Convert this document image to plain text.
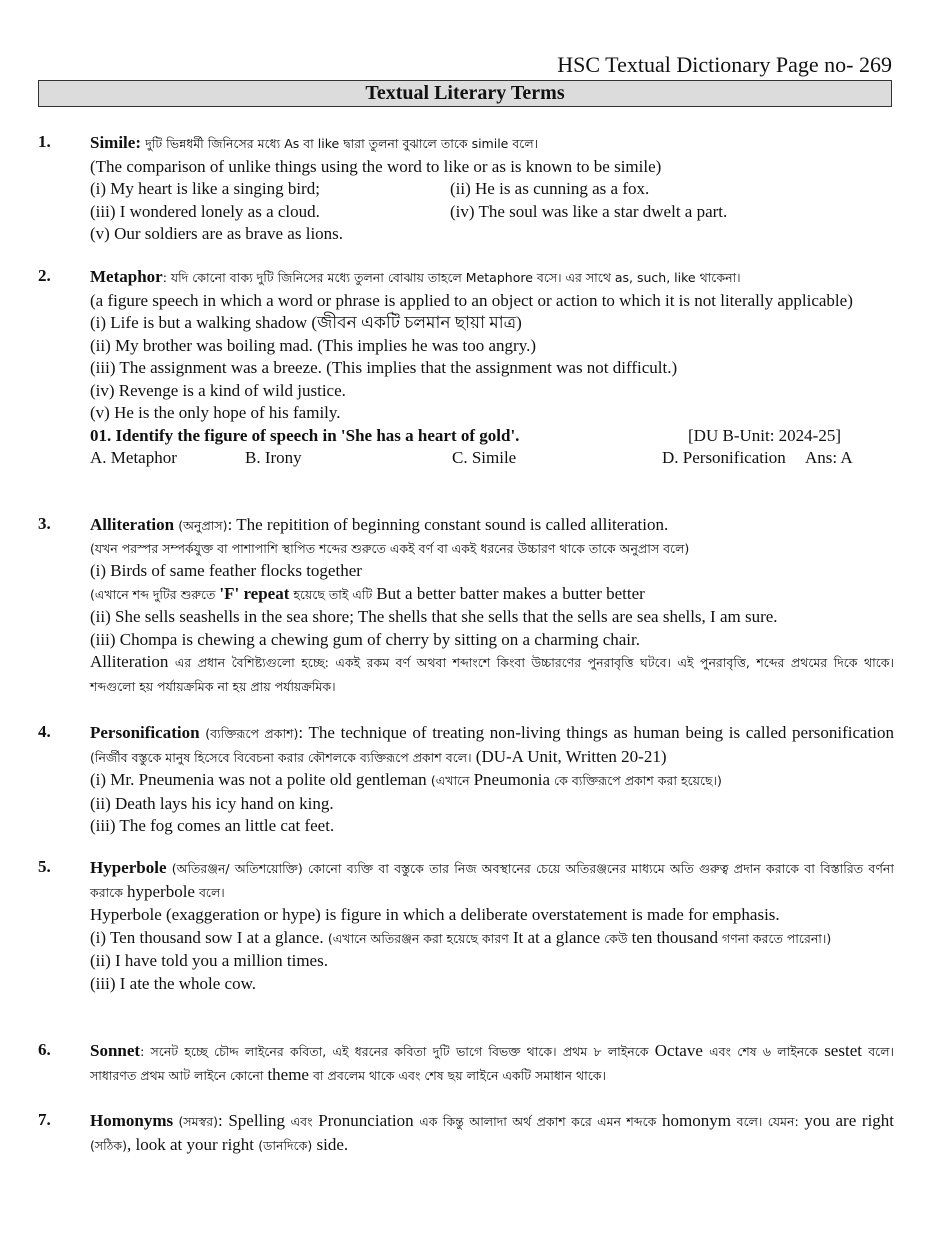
HSC Textual Dictionary Page no- 269
Textual Literary Terms
1.	Simile: দুটি ভিন্নধর্মী জিনিসের মধ্যে As বা like দ্বারা তুলনা বুঝালে তাকে simile বলে।
(The comparison of unlike things using the word to like or as is known to be simile)
(i) My heart is like a singing bird;	(ii) He is as cunning as a fox.
(iii) I wondered lonely as a cloud.	(iv) The soul was like a star dwelt a part.
(v) Our soldiers are as brave as lions.
2.	Metaphor: যদি কোনো বাক্য দুটি জিনিসের মধ্যে তুলনা বোঝায় তাহলে Metaphore বসে। এর সাথে as, such, like থাকেনা।
(a figure speech in which a word or phrase is applied to an object or action to which it is not literally applicable)
(i) Life is but a walking shadow (জীবন একটি চলমান ছায়া মাত্র)
(ii) My brother was boiling mad. (This implies he was too angry.)
(iii) The assignment was a breeze. (This implies that the assignment was not difficult.)
(iv) Revenge is a kind of wild justice.
(v) He is the only hope of his family.
01. Identify the figure of speech in 'She has a heart of gold'.	[DU B-Unit: 2024-25]
A. Metaphor	B. Irony	C. Simile	D. Personification	Ans: A
3.	Alliteration (অনুপ্রাস): The repitition of beginning constant sound is called alliteration.
(যখন পরস্পর সম্পর্কযুক্ত বা পাশাপাশি স্থাপিত শব্দের শুরুতে একই বর্ণ বা একই ধরনের উচ্চারণ থাকে তাকে অনুপ্রাস বলে)
(i) Birds of same feather flocks together
(এখানে শব্দ দুটির শুরুতে 'F' repeat হয়েছে তাই এটি But a better batter makes a butter better
(ii) She sells seashells in the sea shore; The shells that she sells that the sells are sea shells, I am sure.
(iii) Chompa is chewing a chewing gum of cherry by sitting on a charming chair.
Alliteration এর প্রধান বৈশিষ্ট্যগুলো হচ্ছে: একই রকম বর্ণ অথবা শব্দাংশে কিংবা উচ্চারণের পুনরাবৃত্তি ঘটবে। এই পুনরাবৃত্তি, শব্দের প্রথমের দিকে থাকে। শব্দগুলো হয় পর্যায়ক্রমিক না হয় প্রায় পর্যায়ক্রমিক।
4.	Personification (ব্যক্তিরূপে প্রকাশ): The technique of treating non-living things as human being is called personification (নির্জীব বস্তুকে মানুষ হিসেবে বিবেচনা করার কৌশলকে ব্যক্তিরূপে প্রকাশ বলে। (DU-A Unit, Written 20-21)
(i) Mr. Pneumenia was not a polite old gentleman (এখানে Pneumonia কে ব্যক্তিরূপে প্রকাশ করা হয়েছে।)
(ii) Death lays his icy hand on king.
(iii) The fog comes an little cat feet.
5.	Hyperbole (অতিরঞ্জন/ অতিশয়োক্তি) কোনো ব্যক্তি বা বস্তুকে তার নিজ অবস্থানের চেয়ে অতিরঞ্জনের মাধ্যমে অতি গুরুত্ব প্রদান করাকে বা বিস্তারিত বর্ণনা করাকে hyperbole বলে।
Hyperbole (exaggeration or hype) is figure in which a deliberate overstatement is made for emphasis.
(i) Ten thousand sow I at a glance. (এখানে অতিরঞ্জন করা হয়েছে কারণ It at a glance কেউ ten thousand গণনা করতে পারেনা।)
(ii) I have told you a million times.
(iii) I ate the whole cow.
6.	Sonnet: সনেট হচ্ছে চৌদ্দ লাইনের কবিতা, এই ধরনের কবিতা দুটি ভাগে বিভক্ত থাকে। প্রথম ৮ লাইনকে Octave এবং শেষ ৬ লাইনকে sestet বলে। সাধারণত প্রথম আট লাইনে কোনো theme বা প্রবলেম থাকে এবং শেষ ছয় লাইনে একটি সমাধান থাকে।
7.	Homonyms (সমস্বর): Spelling এবং Pronunciation এক কিন্তু আলাদা অর্থ প্রকাশ করে এমন শব্দকে homonym বলে। যেমন: you are right (সঠিক), look at your right (ডানদিকে) side.
